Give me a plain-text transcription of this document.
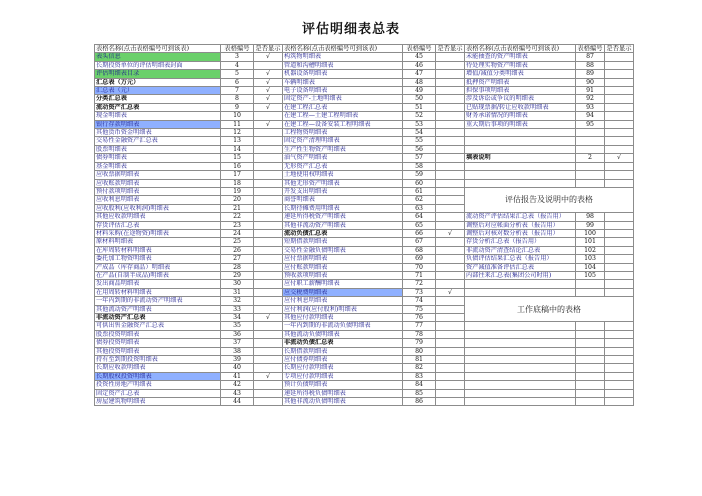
评估明细表总表
表格名称(点击表格编号可到该表)	表格编号	是否显示	表格名称(点击表格编号可到该表)	表格编号	是否显示	表格名称(点击表格编号可到该表)	表格编号	是否显示
表头信息	3	√	构筑物明细表	45		未能抽查的资产明细表	87	
长期投资单位的评估明细表封面	4		管道和沟槽明细表	46		待处理实物资产明细表	88	
评估明细表目录	5	√	机器设备明细表	47		增值/减值分类明细表	89	
汇总表（万元）	6	√	车辆明细表	48		抵押资产明细表	90	
汇总表（元）	7	√	电子设备明细表	49		担保事项明细表	91	
分类汇总表	8	√	固定资产-土地明细表	50		涉及诉讼或争议的明细表	92	
流动资产汇总表	9	√	在建工程汇总表	51		已贴现票据/转让应收款明细表	93	
现金明细表	10		在建工程—土建工程明细表	52		财务承诺情况的明细表	94	
银行存款明细表	11	√	在建工程—设备安装工程明细表	53		重大期后事项的明细表	95	
其他货币资金明细表	12		工程物资明细表	54				
交易性金融资产汇总表	13		固定资产清理明细表	55				
股票明细表	14		生产性生物资产明细表	56				
债券明细表	15		油气资产明细表	57		填表说明	2	√
基金明细表	16		无形资产汇总表	58				
应收票据明细表	17		土地使用权明细表	59				
应收账款明细表	18		其他无形资产明细表	60				
预付款项明细表	19		开发支出明细表	61		评估报告及说明中的表格		
应收利息明细表	20		商誉明细表	62				
应收股利(应收利润)明细表	21		长期待摊费用明细表	63				
其他应收款明细表	22		递延所得税资产明细表	64		流动资产评估结果汇总表（报告用）	98	
存货评估汇总表	23		其他非流动资产明细表	65		调整后对应帐面分析表（报告用）	99	
材料采购(在途物资)明细表	24		流动负债汇总表	66	√	调整后对核对数分析表（报告用）	100	
原材料明细表	25		短期借款明细表	67		存货分析汇总表（报告用）	101	
在库周转材料明细表	26		交易性金融负债明细表	68		非流动资产清查结论汇总表	102	
委托加工物资明细表	27		应付票据明细表	69		负债评估结果汇总表（报告用）	103	
产成品（库存商品）明细表	28		应付账款明细表	70		资产减值准备评估汇总表	104	
在产品(自制半成品)明细表	29		预收款项明细表	71		内部往来汇总表(集团公司时用)	105	
发出商品明细表	30		应付职工薪酬明细表	72				
在用周转材料明细表	31		应交税费明细表	73	√			
一年内到期的非流动资产明细表	32		应付利息明细表	74		工作底稿中的表格		
其他流动资产明细表	33		应付利润(应付股利)明细表	75				
非流动资产汇总表	34	√	其他应付款明细表	76				
可供出售金融资产汇总表	35		一年内到期的非流动负债明细表	77				
股票投资明细表	36		其他流动负债明细表	78				
债券投资明细表	37		非流动负债汇总表	79				
其他投资明细表	38		长期借款明细表	80				
持有至到期投资明细表	39		应付债券明细表	81				
长期应收款明细表	40		长期应付款明细表	82				
长期股权投资明细表	41	√	专项应付款明细表	83				
投资性房地产明细表	42		预计负债明细表	84				
固定资产汇总表	43		递延所得税负债明细表	85				
房屋建筑物明细表	44		其他非流动负债明细表	86				
